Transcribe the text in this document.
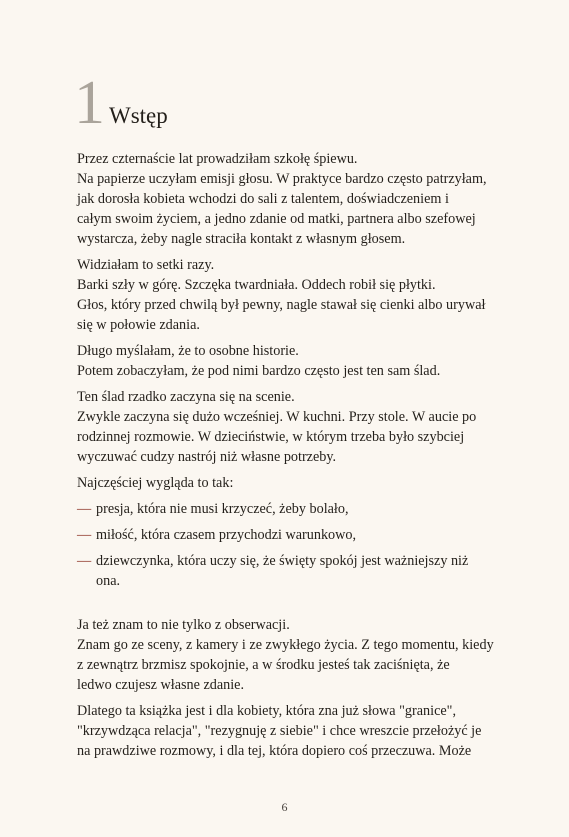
1 Wstęp

Przez czternaście lat prowadziłam szkołę śpiewu.
Na papierze uczyłam emisji głosu. W praktyce bardzo często patrzyłam,
jak dorosła kobieta wchodzi do sali z talentem, doświadczeniem i
całym swoim życiem, a jedno zdanie od matki, partnera albo szefowej
wystarcza, żeby nagle straciła kontakt z własnym głosem.

Widziałam to setki razy.
Barki szły w górę. Szczęka twardniała. Oddech robił się płytki.
Głos, który przed chwilą był pewny, nagle stawał się cienki albo urywał
się w połowie zdania.

Długo myślałam, że to osobne historie.
Potem zobaczyłam, że pod nimi bardzo często jest ten sam ślad.

Ten ślad rzadko zaczyna się na scenie.
Zwykle zaczyna się dużo wcześniej. W kuchni. Przy stole. W aucie po
rodzinnej rozmowie. W dzieciństwie, w którym trzeba było szybciej
wyczuwać cudzy nastrój niż własne potrzeby.

Najczęściej wygląda to tak:

— presja, która nie musi krzyczeć, żeby bolało,
— miłość, która czasem przychodzi warunkowo,
— dziewczynka, która uczy się, że święty spokój jest ważniejszy niż
ona.

Ja też znam to nie tylko z obserwacji.
Znam go ze sceny, z kamery i ze zwykłego życia. Z tego momentu, kiedy
z zewnątrz brzmisz spokojnie, a w środku jesteś tak zaciśnięta, że
ledwo czujesz własne zdanie.

Dlatego ta książka jest i dla kobiety, która zna już słowa "granice",
"krzywdząca relacja", "rezygnuję z siebie" i chce wreszcie przełożyć je
na prawdziwe rozmowy, i dla tej, która dopiero coś przeczuwa. Może

6
